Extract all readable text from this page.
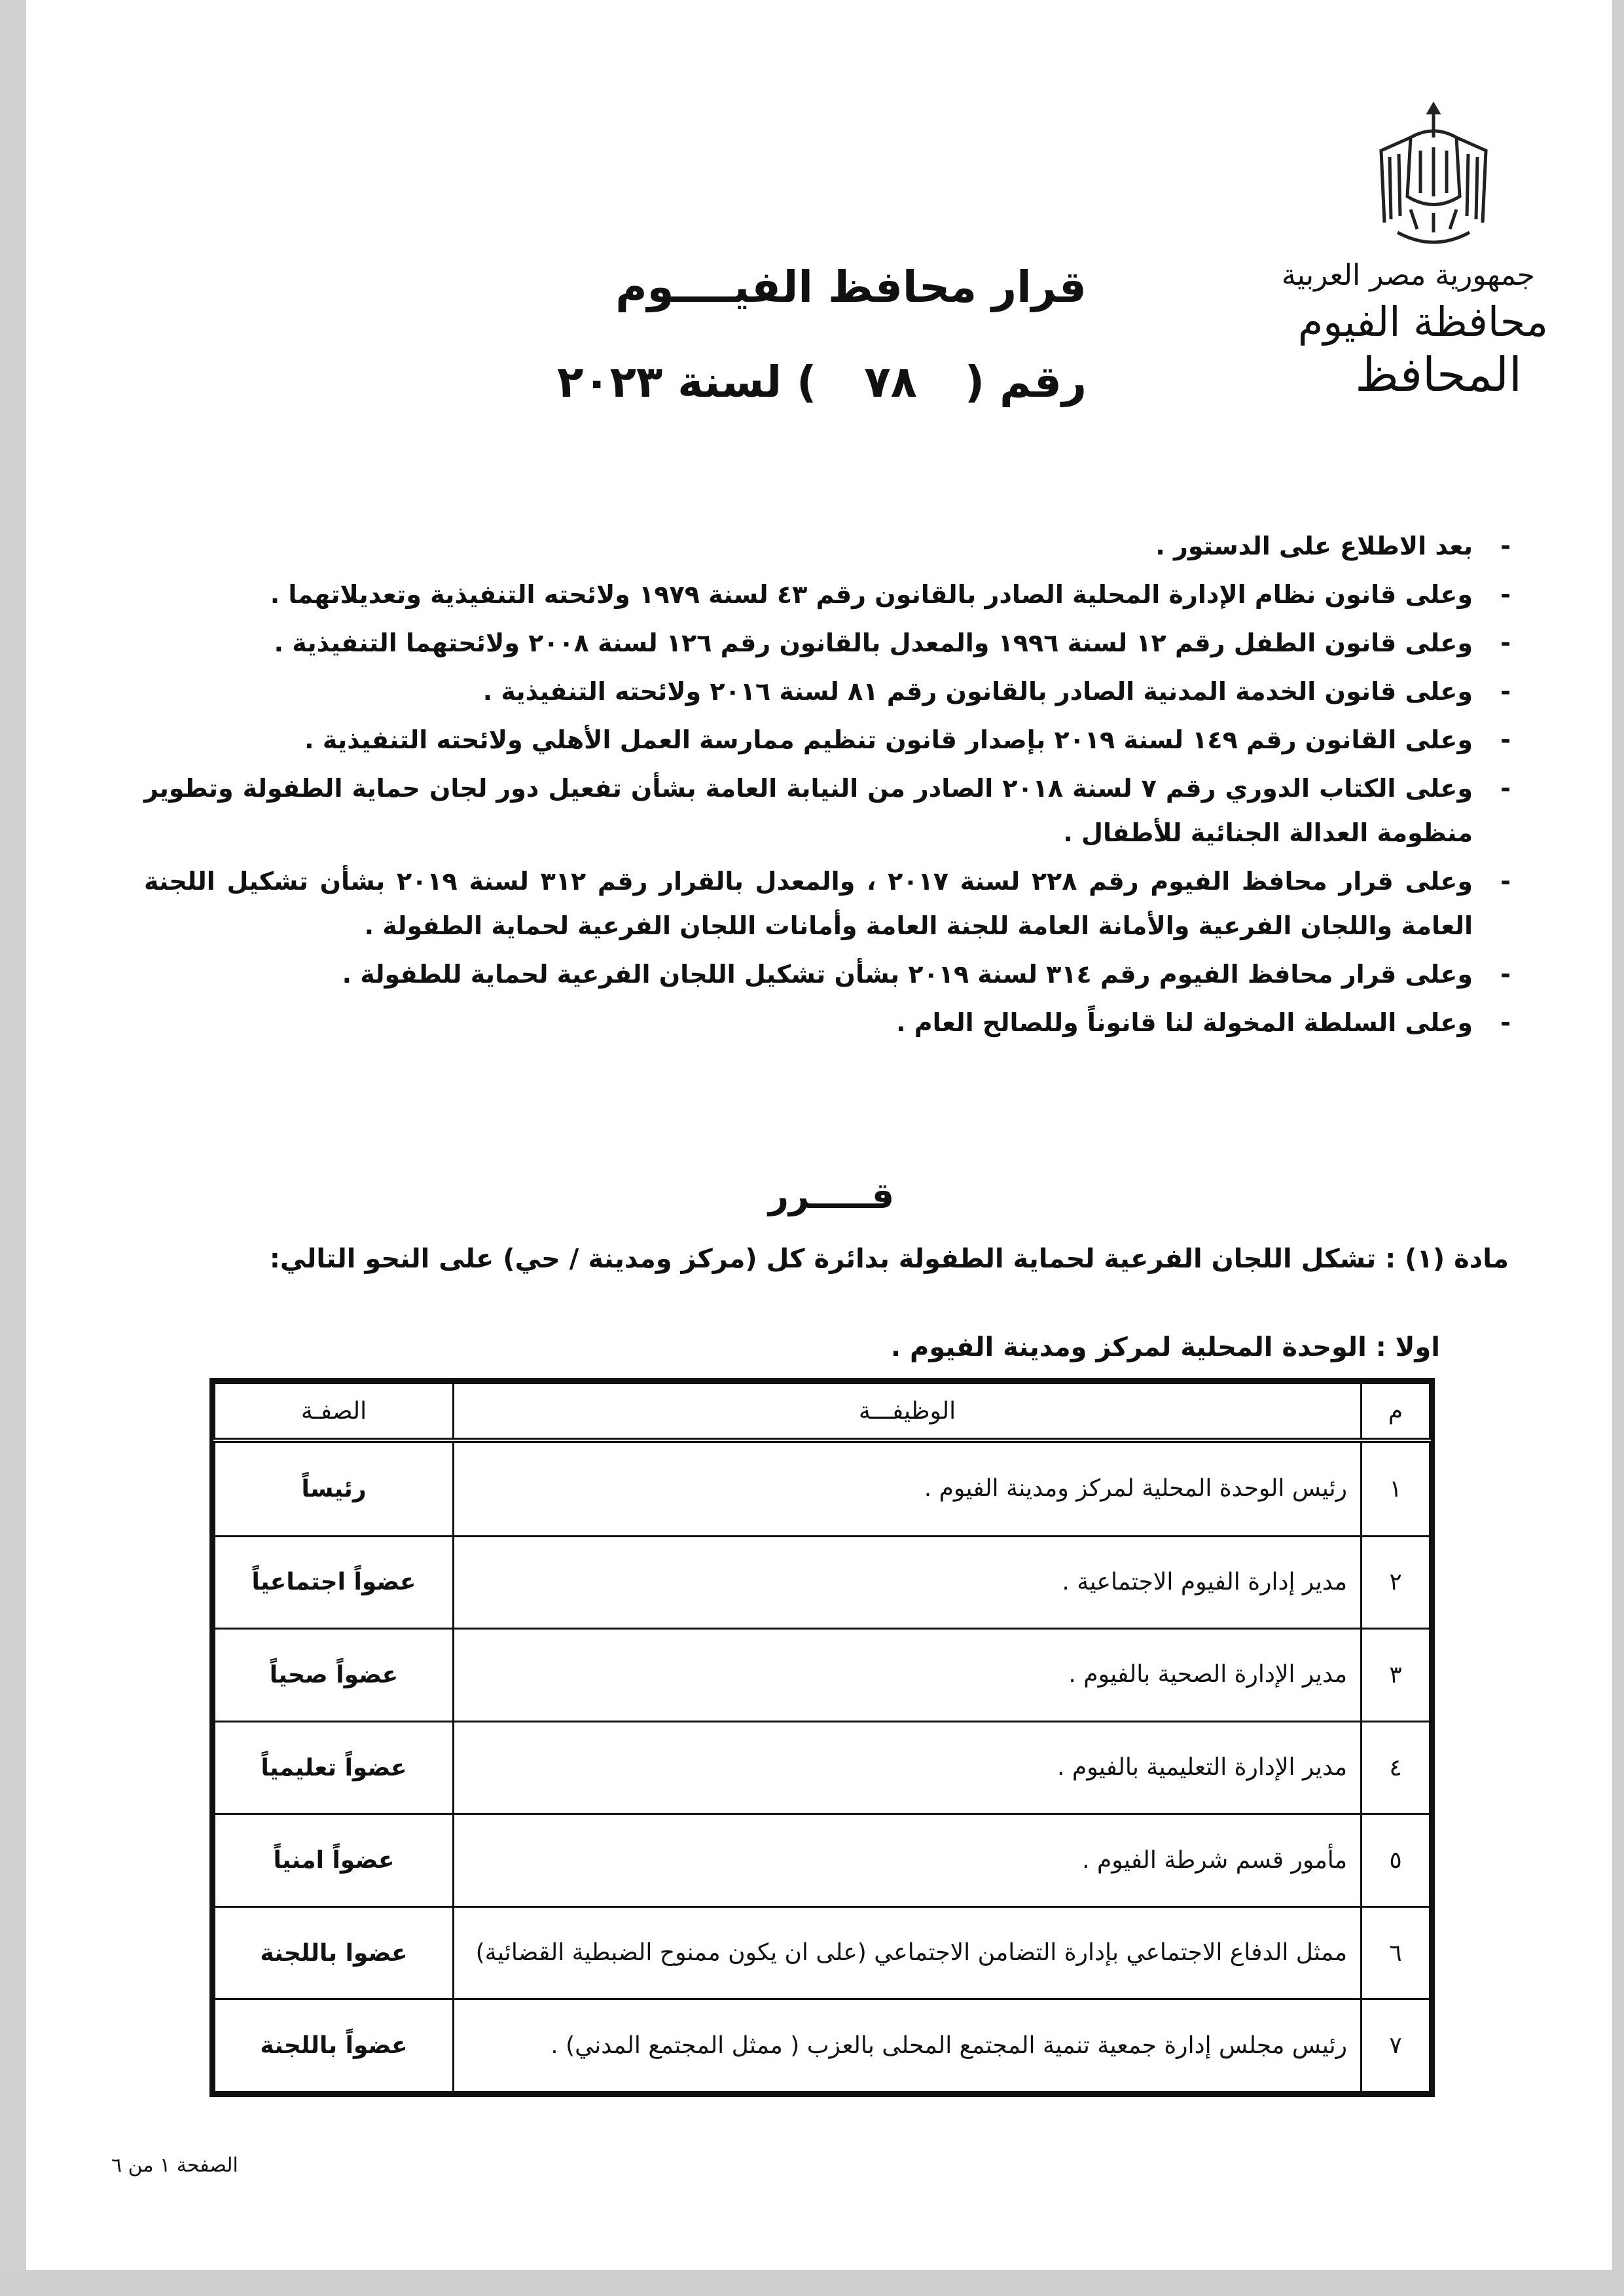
جمهورية مصر العربية
محافظة الفيوم
المحافظ
قرار محافظ الفيــــوم
رقم ( ٧٨ ) لسنة ٢٠٢٣
-
بعد الاطلاع على الدستور .
-
وعلى قانون نظام الإدارة المحلية الصادر بالقانون رقم ٤٣ لسنة ١٩٧٩ ولائحته التنفيذية وتعديلاتهما .
-
وعلى قانون الطفل رقم ١٢ لسنة ١٩٩٦ والمعدل بالقانون رقم ١٢٦ لسنة ٢٠٠٨ ولائحتهما التنفيذية .
-
وعلى قانون الخدمة المدنية الصادر بالقانون رقم ٨١ لسنة ٢٠١٦ ولائحته التنفيذية .
-
وعلى القانون رقم ١٤٩ لسنة ٢٠١٩ بإصدار قانون تنظيم ممارسة العمل الأهلي ولائحته التنفيذية .
-
وعلى الكتاب الدوري رقم ٧ لسنة ٢٠١٨ الصادر من النيابة العامة بشأن تفعيل دور لجان حماية الطفولة وتطوير منظومة العدالة الجنائية للأطفال .
-
وعلى قرار محافظ الفيوم رقم ٢٢٨ لسنة ٢٠١٧ ، والمعدل بالقرار رقم ٣١٢ لسنة ٢٠١٩ بشأن تشكيل اللجنة العامة واللجان الفرعية والأمانة العامة للجنة العامة وأمانات اللجان الفرعية لحماية الطفولة .
-
وعلى قرار محافظ الفيوم رقم ٣١٤ لسنة ٢٠١٩ بشأن تشكيل اللجان الفرعية لحماية للطفولة .
-
وعلى السلطة المخولة لنا قانوناً وللصالح العام .
قـــــرر
مادة (١) : تشكل اللجان الفرعية لحماية الطفولة بدائرة كل (مركز ومدينة / حي) على النحو التالي:
اولا : الوحدة المحلية لمركز ومدينة الفيوم .
م	الوظيفـــة	الصفـة
١	رئيس الوحدة المحلية لمركز ومدينة الفيوم .	رئيساً
٢	مدير إدارة الفيوم الاجتماعية .	عضواً اجتماعياً
٣	مدير الإدارة الصحية بالفيوم .	عضواً صحياً
٤	مدير الإدارة التعليمية بالفيوم .	عضواً تعليمياً
٥	مأمور قسم شرطة الفيوم .	عضواً امنياً
٦	ممثل الدفاع الاجتماعي بإدارة التضامن الاجتماعي (على ان يكون ممنوح الضبطية القضائية)	عضوا باللجنة
٧	رئيس مجلس إدارة جمعية تنمية المجتمع المحلى بالعزب ( ممثل المجتمع المدني) .	عضواً باللجنة
الصفحة ١ من ٦
